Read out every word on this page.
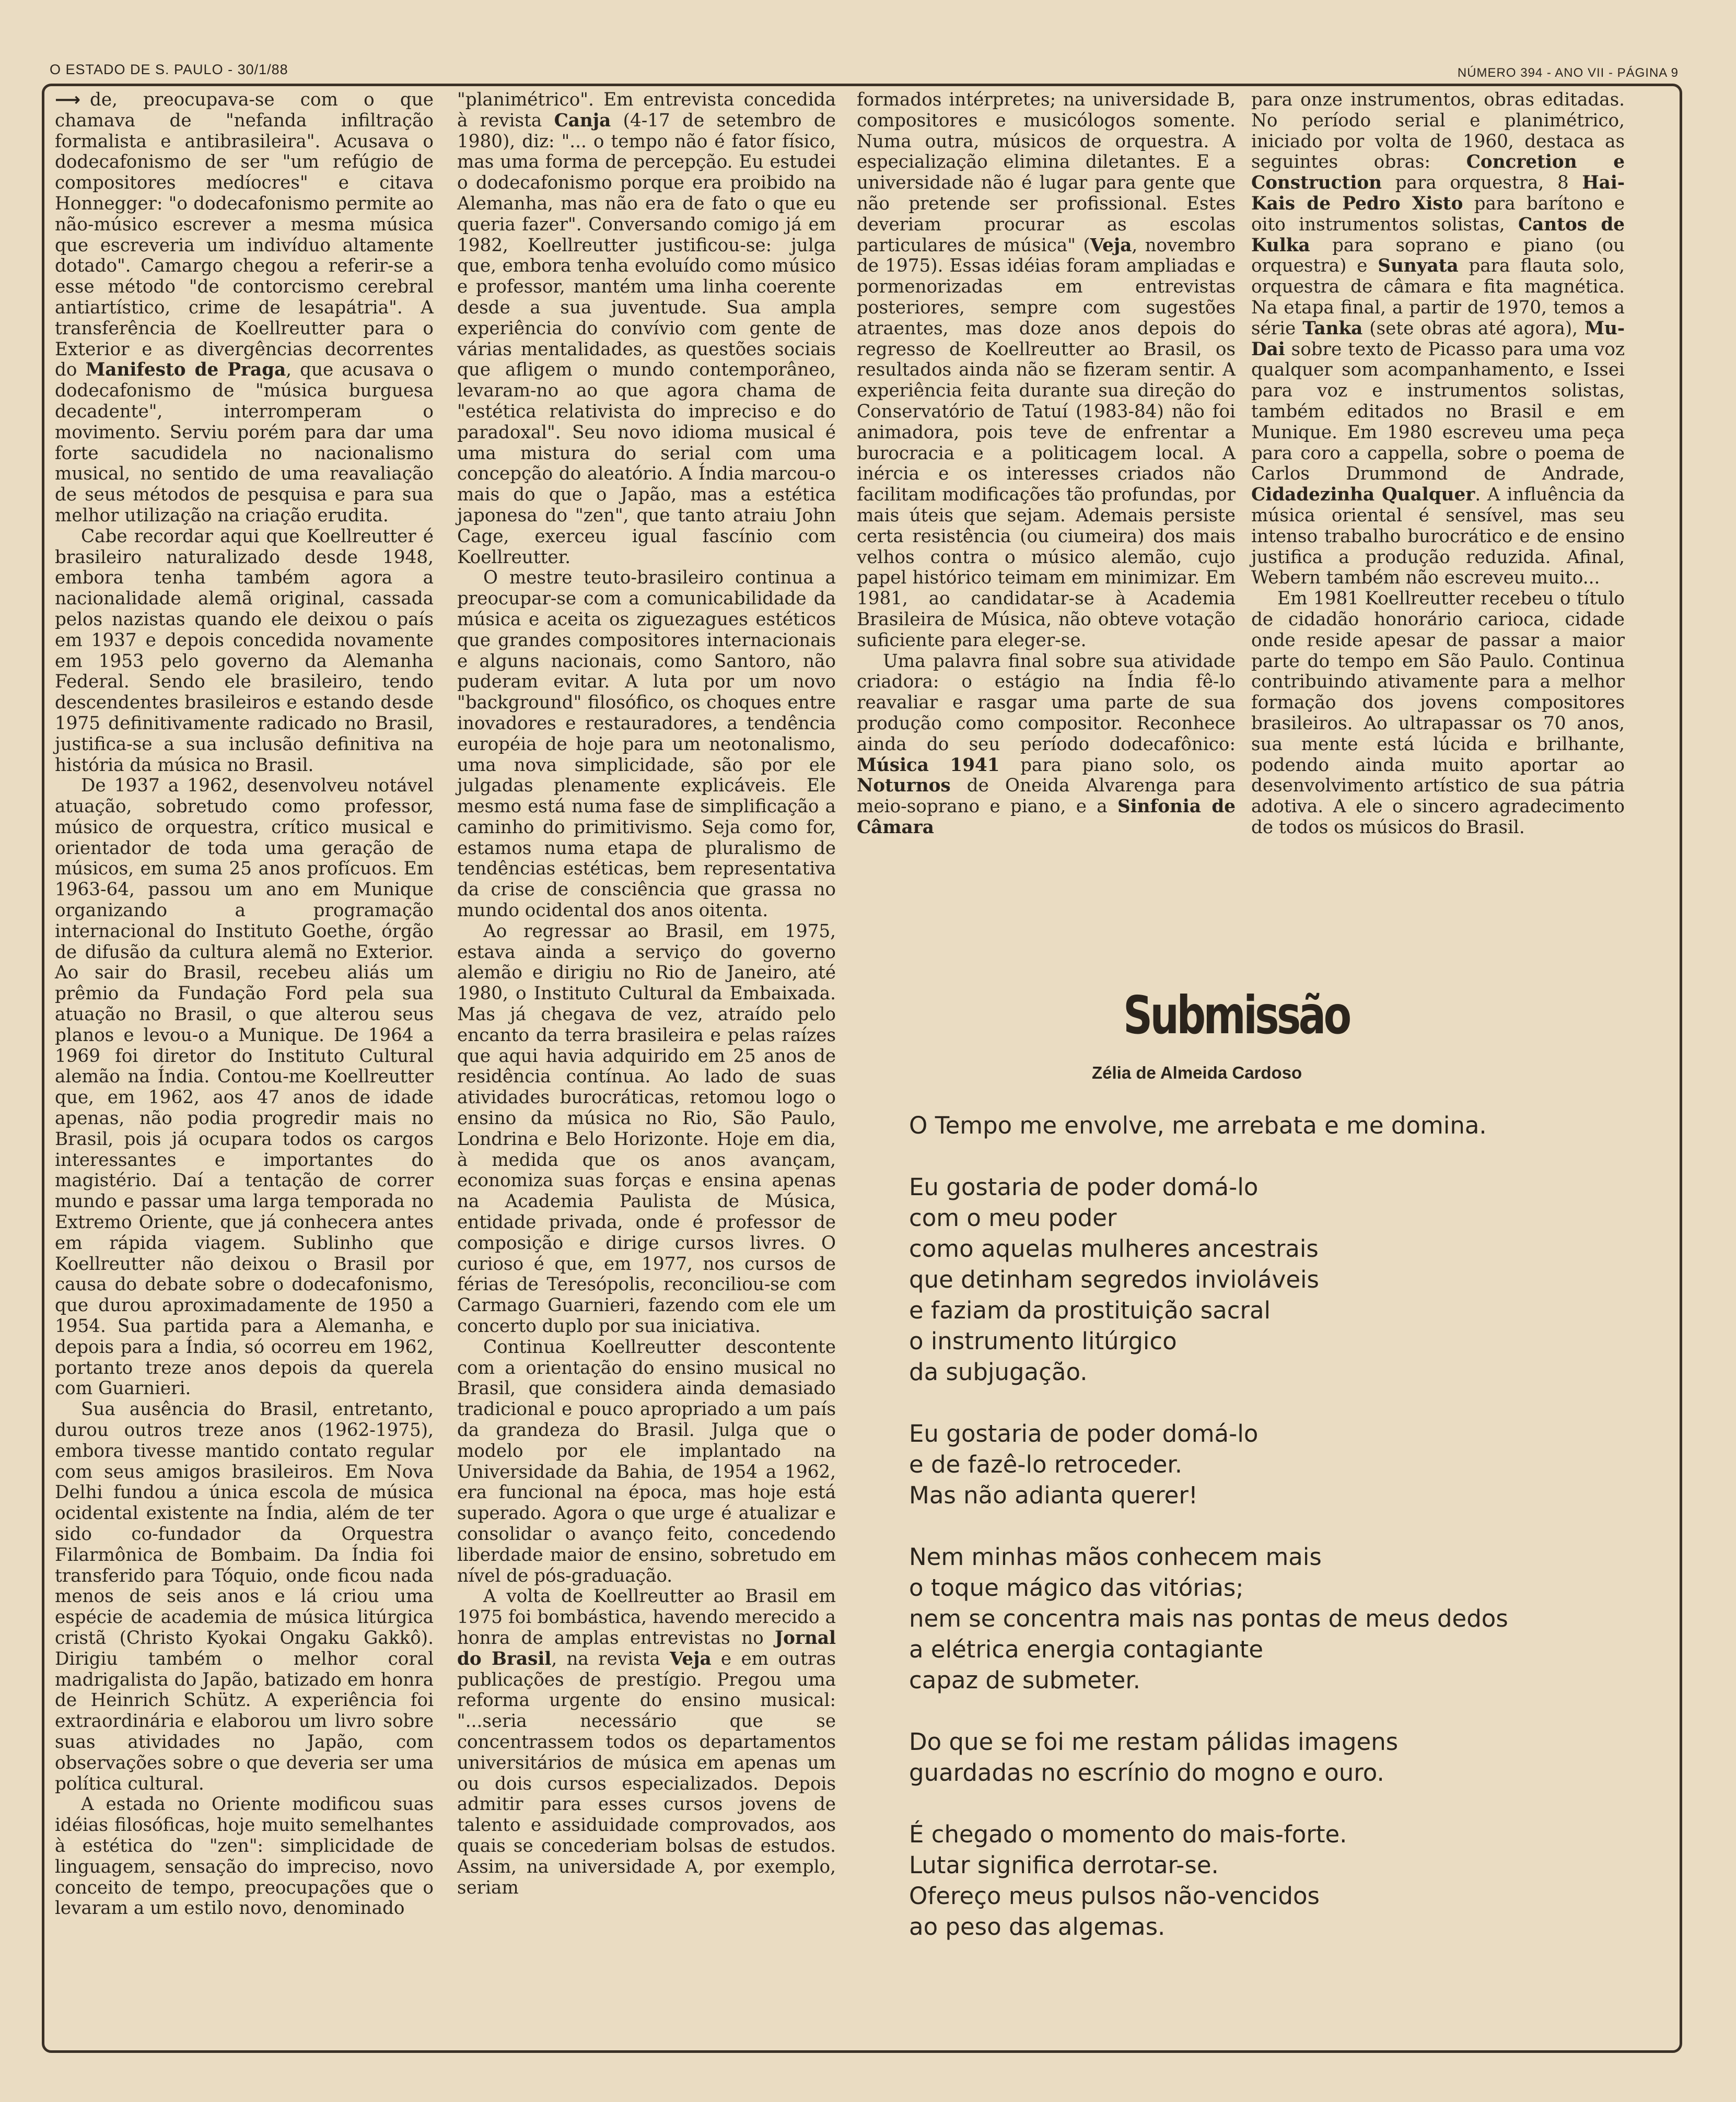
O ESTADO DE S. PAULO - 30/1/88	NÚMERO 394 - ANO VII - PÁGINA 9

⟶ de, preocupava-se com o que chamava de "nefanda infiltração formalista e antibrasileira". Acusava o dodecafonismo de ser "um refúgio de compositores medíocres" e citava Honnegger: "o dodecafonismo permite ao não-músico escrever a mesma música que escreveria um indivíduo altamente dotado". Camargo chegou a referir-se a esse método "de contorcismo cerebral antiartístico, crime de lesapátria". A transferência de Koellreutter para o Exterior e as divergências decorrentes do Manifesto de Praga, que acusava o dodecafonismo de "música burguesa decadente", interromperam o movimento. Serviu porém para dar uma forte sacudidela no nacionalismo musical, no sentido de uma reavaliação de seus métodos de pesquisa e para sua melhor utilização na criação erudita.

Cabe recordar aqui que Koellreutter é brasileiro naturalizado desde 1948, embora tenha também agora a nacionalidade alemã original, cassada pelos nazistas quando ele deixou o país em 1937 e depois concedida novamente em 1953 pelo governo da Alemanha Federal. Sendo ele brasileiro, tendo descendentes brasileiros e estando desde 1975 definitivamente radicado no Brasil, justifica-se a sua inclusão definitiva na história da música no Brasil.

De 1937 a 1962, desenvolveu notável atuação, sobretudo como professor, músico de orquestra, crítico musical e orientador de toda uma geração de músicos, em suma 25 anos profícuos. Em 1963-64, passou um ano em Munique organizando a programação internacional do Instituto Goethe, órgão de difusão da cultura alemã no Exterior. Ao sair do Brasil, recebeu aliás um prêmio da Fundação Ford pela sua atuação no Brasil, o que alterou seus planos e levou-o a Munique. De 1964 a 1969 foi diretor do Instituto Cultural alemão na Índia. Contou-me Koellreutter que, em 1962, aos 47 anos de idade apenas, não podia progredir mais no Brasil, pois já ocupara todos os cargos interessantes e importantes do magistério. Daí a tentação de correr mundo e passar uma larga temporada no Extremo Oriente, que já conhecera antes em rápida viagem. Sublinho que Koellreutter não deixou o Brasil por causa do debate sobre o dodecafonismo, que durou aproximadamente de 1950 a 1954. Sua partida para a Alemanha, e depois para a Índia, só ocorreu em 1962, portanto treze anos depois da querela com Guarnieri.

Sua ausência do Brasil, entretanto, durou outros treze anos (1962-1975), embora tivesse mantido contato regular com seus amigos brasileiros. Em Nova Delhi fundou a única escola de música ocidental existente na Índia, além de ter sido co-fundador da Orquestra Filarmônica de Bombaim. Da Índia foi transferido para Tóquio, onde ficou nada menos de seis anos e lá criou uma espécie de academia de música litúrgica cristã (Christo Kyokai Ongaku Gakkô). Dirigiu também o melhor coral madrigalista do Japão, batizado em honra de Heinrich Schütz. A experiência foi extraordinária e elaborou um livro sobre suas atividades no Japão, com observações sobre o que deveria ser uma política cultural.

A estada no Oriente modificou suas idéias filosóficas, hoje muito semelhantes à estética do "zen": simplicidade de linguagem, sensação do impreciso, novo conceito de tempo, preocupações que o levaram a um estilo novo, denominado

"planimétrico". Em entrevista concedida à revista Canja (4-17 de setembro de 1980), diz: "... o tempo não é fator físico, mas uma forma de percepção. Eu estudei o dodecafonismo porque era proibido na Alemanha, mas não era de fato o que eu queria fazer". Conversando comigo já em 1982, Koellreutter justificou-se: julga que, embora tenha evoluído como músico e professor, mantém uma linha coerente desde a sua juventude. Sua ampla experiência do convívio com gente de várias mentalidades, as questões sociais que afligem o mundo contemporâneo, levaram-no ao que agora chama de "estética relativista do impreciso e do paradoxal". Seu novo idioma musical é uma mistura do serial com uma concepção do aleatório. A Índia marcou-o mais do que o Japão, mas a estética japonesa do "zen", que tanto atraiu John Cage, exerceu igual fascínio com Koellreutter.

O mestre teuto-brasileiro continua a preocupar-se com a comunicabilidade da música e aceita os ziguezagues estéticos que grandes compositores internacionais e alguns nacionais, como Santoro, não puderam evitar. A luta por um novo "background" filosófico, os choques entre inovadores e restauradores, a tendência européia de hoje para um neotonalismo, uma nova simplicidade, são por ele julgadas plenamente explicáveis. Ele mesmo está numa fase de simplificação a caminho do primitivismo. Seja como for, estamos numa etapa de pluralismo de tendências estéticas, bem representativa da crise de consciência que grassa no mundo ocidental dos anos oitenta.

Ao regressar ao Brasil, em 1975, estava ainda a serviço do governo alemão e dirigiu no Rio de Janeiro, até 1980, o Instituto Cultural da Embaixada. Mas já chegava de vez, atraído pelo encanto da terra brasileira e pelas raízes que aqui havia adquirido em 25 anos de residência contínua. Ao lado de suas atividades burocráticas, retomou logo o ensino da música no Rio, São Paulo, Londrina e Belo Horizonte. Hoje em dia, à medida que os anos avançam, economiza suas forças e ensina apenas na Academia Paulista de Música, entidade privada, onde é professor de composição e dirige cursos livres. O curioso é que, em 1977, nos cursos de férias de Teresópolis, reconciliou-se com Carmago Guarnieri, fazendo com ele um concerto duplo por sua iniciativa.

Continua Koellreutter descontente com a orientação do ensino musical no Brasil, que considera ainda demasiado tradicional e pouco apropriado a um país da grandeza do Brasil. Julga que o modelo por ele implantado na Universidade da Bahia, de 1954 a 1962, era funcional na época, mas hoje está superado. Agora o que urge é atualizar e consolidar o avanço feito, concedendo liberdade maior de ensino, sobretudo em nível de pós-graduação.

A volta de Koellreutter ao Brasil em 1975 foi bombástica, havendo merecido a honra de amplas entrevistas no Jornal do Brasil, na revista Veja e em outras publicações de prestígio. Pregou uma reforma urgente do ensino musical: "...seria necessário que se concentrassem todos os departamentos universitários de música em apenas um ou dois cursos especializados. Depois admitir para esses cursos jovens de talento e assiduidade comprovados, aos quais se concederiam bolsas de estudos. Assim, na universidade A, por exemplo, seriam

formados intérpretes; na universidade B, compositores e musicólogos somente. Numa outra, músicos de orquestra. A especialização elimina diletantes. E a universidade não é lugar para gente que não pretende ser profissional. Estes deveriam procurar as escolas particulares de música" (Veja, novembro de 1975). Essas idéias foram ampliadas e pormenorizadas em entrevistas posteriores, sempre com sugestões atraentes, mas doze anos depois do regresso de Koellreutter ao Brasil, os resultados ainda não se fizeram sentir. A experiência feita durante sua direção do Conservatório de Tatuí (1983-84) não foi animadora, pois teve de enfrentar a burocracia e a politicagem local. A inércia e os interesses criados não facilitam modificações tão profundas, por mais úteis que sejam. Ademais persiste certa resistência (ou ciumeira) dos mais velhos contra o músico alemão, cujo papel histórico teimam em minimizar. Em 1981, ao candidatar-se à Academia Brasileira de Música, não obteve votação suficiente para eleger-se.

Uma palavra final sobre sua atividade criadora: o estágio na Índia fê-lo reavaliar e rasgar uma parte de sua produção como compositor. Reconhece ainda do seu período dodecafônico: Música 1941 para piano solo, os Noturnos de Oneida Alvarenga para meio-soprano e piano, e a Sinfonia de Câmara

para onze instrumentos, obras editadas. No período serial e planimétrico, iniciado por volta de 1960, destaca as seguintes obras: Concretion e Construction para orquestra, 8 Hai-Kais de Pedro Xisto para barítono e oito instrumentos solistas, Cantos de Kulka para soprano e piano (ou orquestra) e Sunyata para flauta solo, orquestra de câmara e fita magnética. Na etapa final, a partir de 1970, temos a série Tanka (sete obras até agora), Mu-Dai sobre texto de Picasso para uma voz qualquer som acompanhamento, e Issei para voz e instrumentos solistas, também editados no Brasil e em Munique. Em 1980 escreveu uma peça para coro a cappella, sobre o poema de Carlos Drummond de Andrade, Cidadezinha Qualquer. A influência da música oriental é sensível, mas seu intenso trabalho burocrático e de ensino justifica a produção reduzida. Afinal, Webern também não escreveu muito...

Em 1981 Koellreutter recebeu o título de cidadão honorário carioca, cidade onde reside apesar de passar a maior parte do tempo em São Paulo. Continua contribuindo ativamente para a melhor formação dos jovens compositores brasileiros. Ao ultrapassar os 70 anos, sua mente está lúcida e brilhante, podendo ainda muito aportar ao desenvolvimento artístico de sua pátria adotiva. A ele o sincero agradecimento de todos os músicos do Brasil.

Submissão
Zélia de Almeida Cardoso
O Tempo me envolve, me arrebata e me domina.
Eu gostaria de poder domá-lo
com o meu poder
como aquelas mulheres ancestrais
que detinham segredos invioláveis
e faziam da prostituição sacral
o instrumento litúrgico
da subjugação.
Eu gostaria de poder domá-lo
e de fazê-lo retroceder.
Mas não adianta querer!
Nem minhas mãos conhecem mais
o toque mágico das vitórias;
nem se concentra mais nas pontas de meus dedos
a elétrica energia contagiante
capaz de submeter.
Do que se foi me restam pálidas imagens
guardadas no escrínio do mogno e ouro.
É chegado o momento do mais-forte.
Lutar significa derrotar-se.
Ofereço meus pulsos não-vencidos
ao peso das algemas.
